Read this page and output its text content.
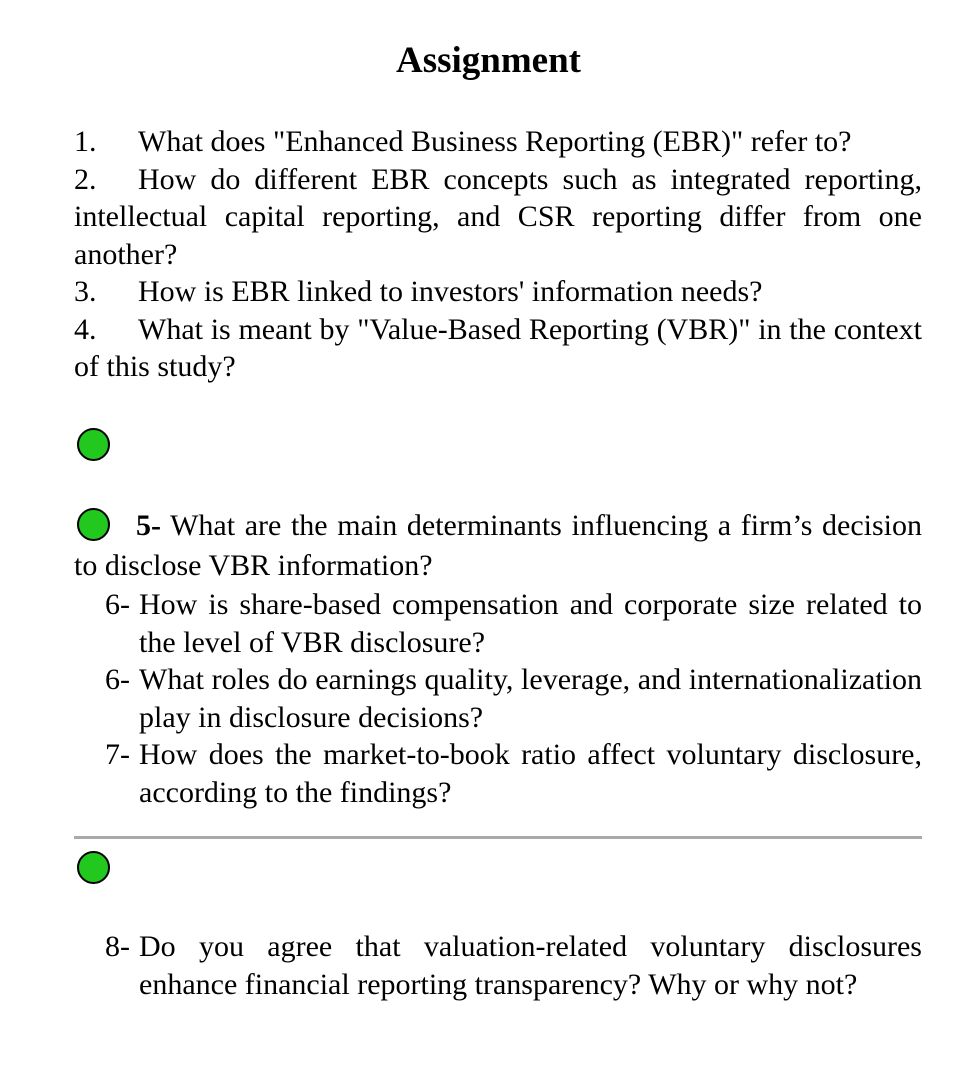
Assignment
1. What does "Enhanced Business Reporting (EBR)" refer to?
2. How do different EBR concepts such as integrated reporting, intellectual capital reporting, and CSR reporting differ from one another?
3. How is EBR linked to investors' information needs?
4. What is meant by "Value-Based Reporting (VBR)" in the context of this study?
5- What are the main determinants influencing a firm’s decision to disclose VBR information?
6- How is share-based compensation and corporate size related to the level of VBR disclosure?
6- What roles do earnings quality, leverage, and internationalization play in disclosure decisions?
7- How does the market-to-book ratio affect voluntary disclosure, according to the findings?
8- Do you agree that valuation-related voluntary disclosures enhance financial reporting transparency? Why or why not?
